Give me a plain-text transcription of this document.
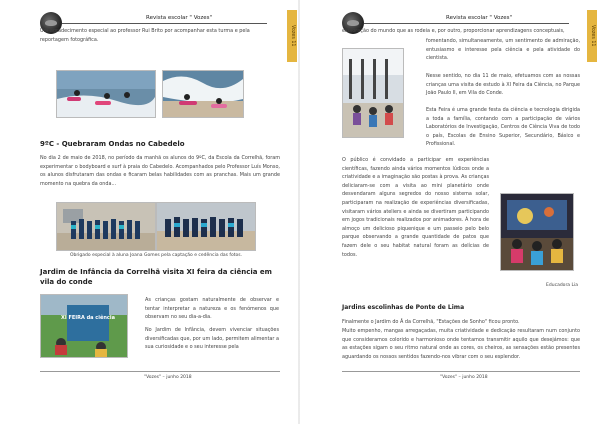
Revista escolar " Vozes"
Vozes 11
Um agradecimento especial ao professor Rui Brito por acompanhar esta turma e pela reportagem fotográfica.
9ºC - Quebraram Ondas no Cabedelo
No dia 2 de maio de 2018, no período da manhã os alunos do 9ºC, da Escola da Correlhã, foram experimentar o bodyboard e surf à praia do Cabedelo. Acompanhados pelo Professor Luís Monso, os alunos disfrutaram das ondas e ficaram belas habilidades com as pranchas. Mais um grande momento na quebra da onda...
Obrigado especial à aluna Joana Gomes pela captação e cedência das fotos.
Jardim de Infância da Correlhã visita XI feira da ciência em vila do conde
XI FEIRA da ciência
As crianças gostam naturalmente de observar e tentar interpretar a natureza e os fenómenos que observam no seu dia-a-dia.
No Jardim de Infância, devem vivenciar situações diversificadas que, por um lado, permitem alimentar a sua curiosidade e o seu interesse pela
"Vozes" – junho 2018
Revista escolar " Vozes"
Vozes 11
exploração do mundo que as rodeia e, por outro, proporcionar aprendizagens conceptuais,
fomentando, simultaneamente, um sentimento de admiração, entusiasmo e interesse pela ciência e pela atividade do cientista.
Nesse sentido, no dia 11 de maio, efetuamos com as nossas crianças uma visita de estudo à XI Feira da Ciência, no Parque João Paulo II, em Vila do Conde.
Esta Feira é uma grande festa da ciência e tecnologia dirigida a toda a família, contando com a participação de vários Laboratórios de Investigação, Centros de Ciência Viva de todo o país, Escolas de Ensino Superior, Secundário, Básico e Profissional.
O público é convidado a participar em experiências científicas, fazendo ainda vários momentos lúdicos onde a criatividade e a imaginação são postas à prova. As crianças deliciaram-se com a visita ao mini planetário onde desvendaram alguns segredos do nosso sistema solar, participaram na realização de experiências diversificadas, visitaram vários ateliers e ainda se divertiram participando em jogos tradicionais realizados por animadores. À hora de almoço um delicioso piquenique e um passeio pelo belo parque observando a grande quantidade de patos que fazem dele o seu habitat natural foram as delícias de todos.
Educadora Lia
Jardins escolinhas de Ponte de Lima
Finalmente o Jardim do Â da Correlhã, "Estações de Sonho" ficou pronto.
Muito empenho, mangas arregaçadas, muita criatividade e dedicação resultaram num conjunto que consideramos colorido e harmonioso onde tentamos transmitir aquilo que desejámos: que as estações sigam o seu ritmo natural onde as cores, os cheiros, as sensações estão presentes aguardando os nossos sentidos fazendo-nos vibrar com o seu esplendor.
"Vozes" – junho 2018
